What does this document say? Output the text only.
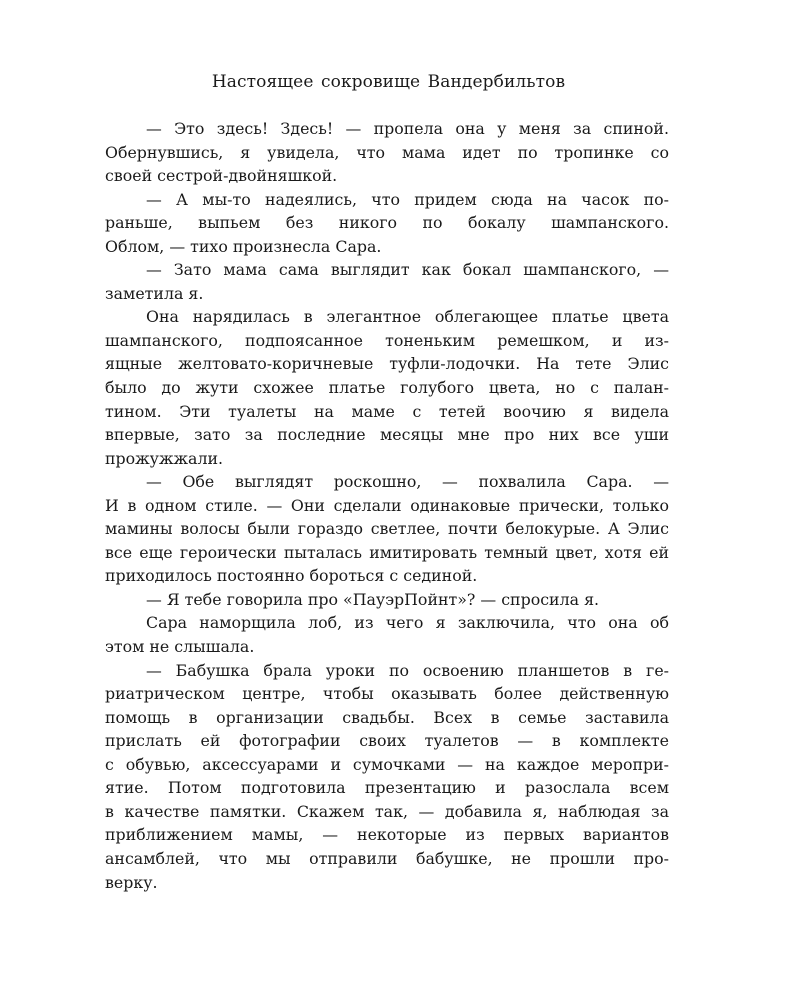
Настоящее сокровище Вандербильтов
— Это здесь! Здесь! — пропела она у меня за спиной.
Обернувшись, я увидела, что мама идет по тропинке со
своей сестрой-двойняшкой.
— А мы-то надеялись, что придем сюда на часок по-
раньше, выпьем без никого по бокалу шампанского.
Облом, — тихо произнесла Сара.
— Зато мама сама выглядит как бокал шампанского, —
заметила я.
Она нарядилась в элегантное облегающее платье цвета
шампанского, подпоясанное тоненьким ремешком, и из-
ящные желтовато-коричневые туфли-лодочки. На тете Элис
было до жути схожее платье голубого цвета, но с палан-
тином. Эти туалеты на маме с тетей воочию я видела
впервые, зато за последние месяцы мне про них все уши
прожужжали.
— Обе выглядят роскошно, — похвалила Сара. —
И в одном стиле. — Они сделали одинаковые прически, только
мамины волосы были гораздо светлее, почти белокурые. А Элис
все еще героически пыталась имитировать темный цвет, хотя ей
приходилось постоянно бороться с сединой.
— Я тебе говорила про «ПауэрПойнт»? — спросила я.
Сара наморщила лоб, из чего я заключила, что она об
этом не слышала.
— Бабушка брала уроки по освоению планшетов в ге-
риатрическом центре, чтобы оказывать более действенную
помощь в организации свадьбы. Всех в семье заставила
прислать ей фотографии своих туалетов — в комплекте
с обувью, аксессуарами и сумочками — на каждое меропри-
ятие. Потом подготовила презентацию и разослала всем
в качестве памятки. Скажем так, — добавила я, наблюдая за
приближением мамы, — некоторые из первых вариантов
ансамблей, что мы отправили бабушке, не прошли про-
верку.
